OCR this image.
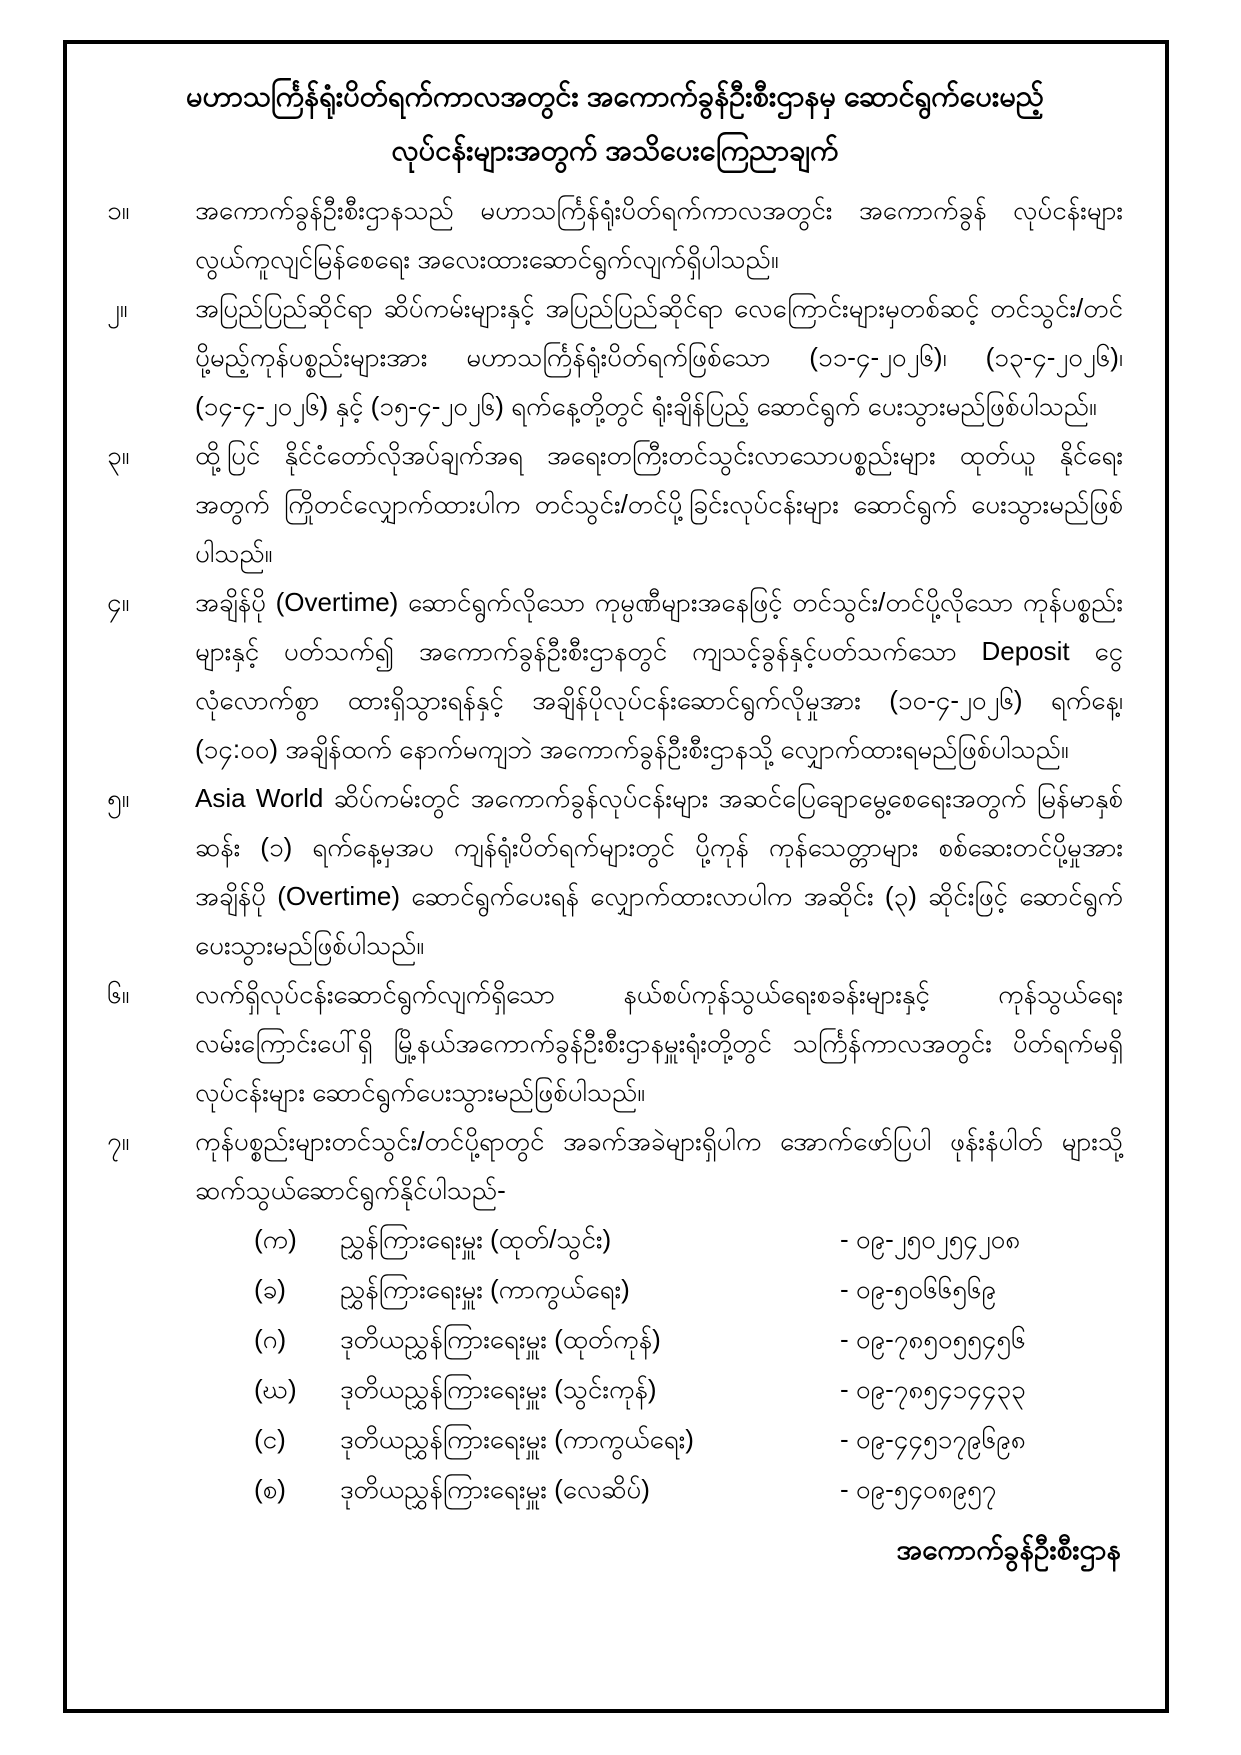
မဟာသင်္ကြန်ရုံးပိတ်ရက်ကာလအတွင်း အကောက်ခွန်ဦးစီးဌာနမှ ဆောင်ရွက်ပေးမည့်
လုပ်ငန်းများအတွက် အသိပေးကြေညာချက်
၁။	အကောက်ခွန်ဦးစီးဌာနသည် မဟာသင်္ကြန်ရုံးပိတ်ရက်ကာလအတွင်း အကောက်ခွန် လုပ်ငန်းများ လွယ်ကူလျင်မြန်စေရေး အလေးထားဆောင်ရွက်လျက်ရှိပါသည်။
၂။	အပြည်ပြည်ဆိုင်ရာ ဆိပ်ကမ်းများနှင့် အပြည်ပြည်ဆိုင်ရာ လေကြောင်းများမှတစ်ဆင့် တင်သွင်း/တင်ပို့မည့်ကုန်ပစ္စည်းများအား မဟာသင်္ကြန်ရုံးပိတ်ရက်ဖြစ်သော (၁၁-၄-၂၀၂၆)၊ (၁၃-၄-၂၀၂၆)၊ (၁၄-၄-၂၀၂၆) နှင့် (၁၅-၄-၂၀၂၆) ရက်နေ့တို့တွင် ရုံးချိန်ပြည့် ဆောင်ရွက် ပေးသွားမည်ဖြစ်ပါသည်။
၃။	ထို့ပြင် နိုင်ငံတော်လိုအပ်ချက်အရ အရေးတကြီးတင်သွင်းလာသောပစ္စည်းများ ထုတ်ယူ နိုင်ရေးအတွက် ကြိုတင်လျှောက်ထားပါက တင်သွင်း/တင်ပို့ခြင်းလုပ်ငန်းများ ဆောင်ရွက် ပေးသွားမည်ဖြစ်ပါသည်။
၄။	အချိန်ပို (Overtime) ဆောင်ရွက်လိုသော ကုမ္ပဏီများအနေဖြင့် တင်သွင်း/တင်ပို့လိုသော ကုန်ပစ္စည်းများနှင့် ပတ်သက်၍ အကောက်ခွန်ဦးစီးဌာနတွင် ကျသင့်ခွန်နှင့်ပတ်သက်သော Deposit ငွေလုံလောက်စွာ ထားရှိသွားရန်နှင့် အချိန်ပိုလုပ်ငန်းဆောင်ရွက်လိုမှုအား (၁၀-၄-၂၀၂၆) ရက်နေ့၊ (၁၄:၀၀) အချိန်ထက် နောက်မကျဘဲ အကောက်ခွန်ဦးစီးဌာနသို့ လျှောက်ထားရမည်ဖြစ်ပါသည်။
၅။	Asia World ဆိပ်ကမ်းတွင် အကောက်ခွန်လုပ်ငန်းများ အဆင်ပြေချောမွေ့စေရေးအတွက် မြန်မာနှစ်ဆန်း (၁) ရက်နေ့မှအပ ကျန်ရုံးပိတ်ရက်များတွင် ပို့ကုန် ကုန်သေတ္တာများ စစ်ဆေးတင်ပို့မှုအား အချိန်ပို (Overtime) ဆောင်ရွက်ပေးရန် လျှောက်ထားလာပါက အဆိုင်း (၃) ဆိုင်းဖြင့် ဆောင်ရွက်ပေးသွားမည်ဖြစ်ပါသည်။
၆။	လက်ရှိလုပ်ငန်းဆောင်ရွက်လျက်ရှိသော နယ်စပ်ကုန်သွယ်ရေးစခန်းများနှင့် ကုန်သွယ်ရေး လမ်းကြောင်းပေါ်ရှိ မြို့နယ်အကောက်ခွန်ဦးစီးဌာနမှူးရုံးတို့တွင် သင်္ကြန်ကာလအတွင်း ပိတ်ရက်မရှိ လုပ်ငန်းများ ဆောင်ရွက်ပေးသွားမည်ဖြစ်ပါသည်။
၇။	ကုန်ပစ္စည်းများတင်သွင်း/တင်ပို့ရာတွင် အခက်အခဲများရှိပါက အောက်ဖော်ပြပါ ဖုန်းနံပါတ် များသို့ ဆက်သွယ်ဆောင်ရွက်နိုင်ပါသည်-
(က)	ညွှန်ကြားရေးမှူး (ထုတ်/သွင်း)	- ၀၉-၂၅၀၂၅၄၂၀၈
(ခ)	ညွှန်ကြားရေးမှူး (ကာကွယ်ရေး)	- ၀၉-၅၀၆၆၅၆၉
(ဂ)	ဒုတိယညွှန်ကြားရေးမှူး (ထုတ်ကုန်)	- ၀၉-၇၈၅၀၅၅၄၅၆
(ဃ)	ဒုတိယညွှန်ကြားရေးမှူး (သွင်းကုန်)	- ၀၉-၇၈၅၄၁၄၄၃၃
(င)	ဒုတိယညွှန်ကြားရေးမှူး (ကာကွယ်ရေး)	- ၀၉-၄၄၅၁၇၉၆၉၈
(စ)	ဒုတိယညွှန်ကြားရေးမှူး (လေဆိပ်)	- ၀၉-၅၄၀၈၉၅၇
အကောက်ခွန်ဦးစီးဌာန
